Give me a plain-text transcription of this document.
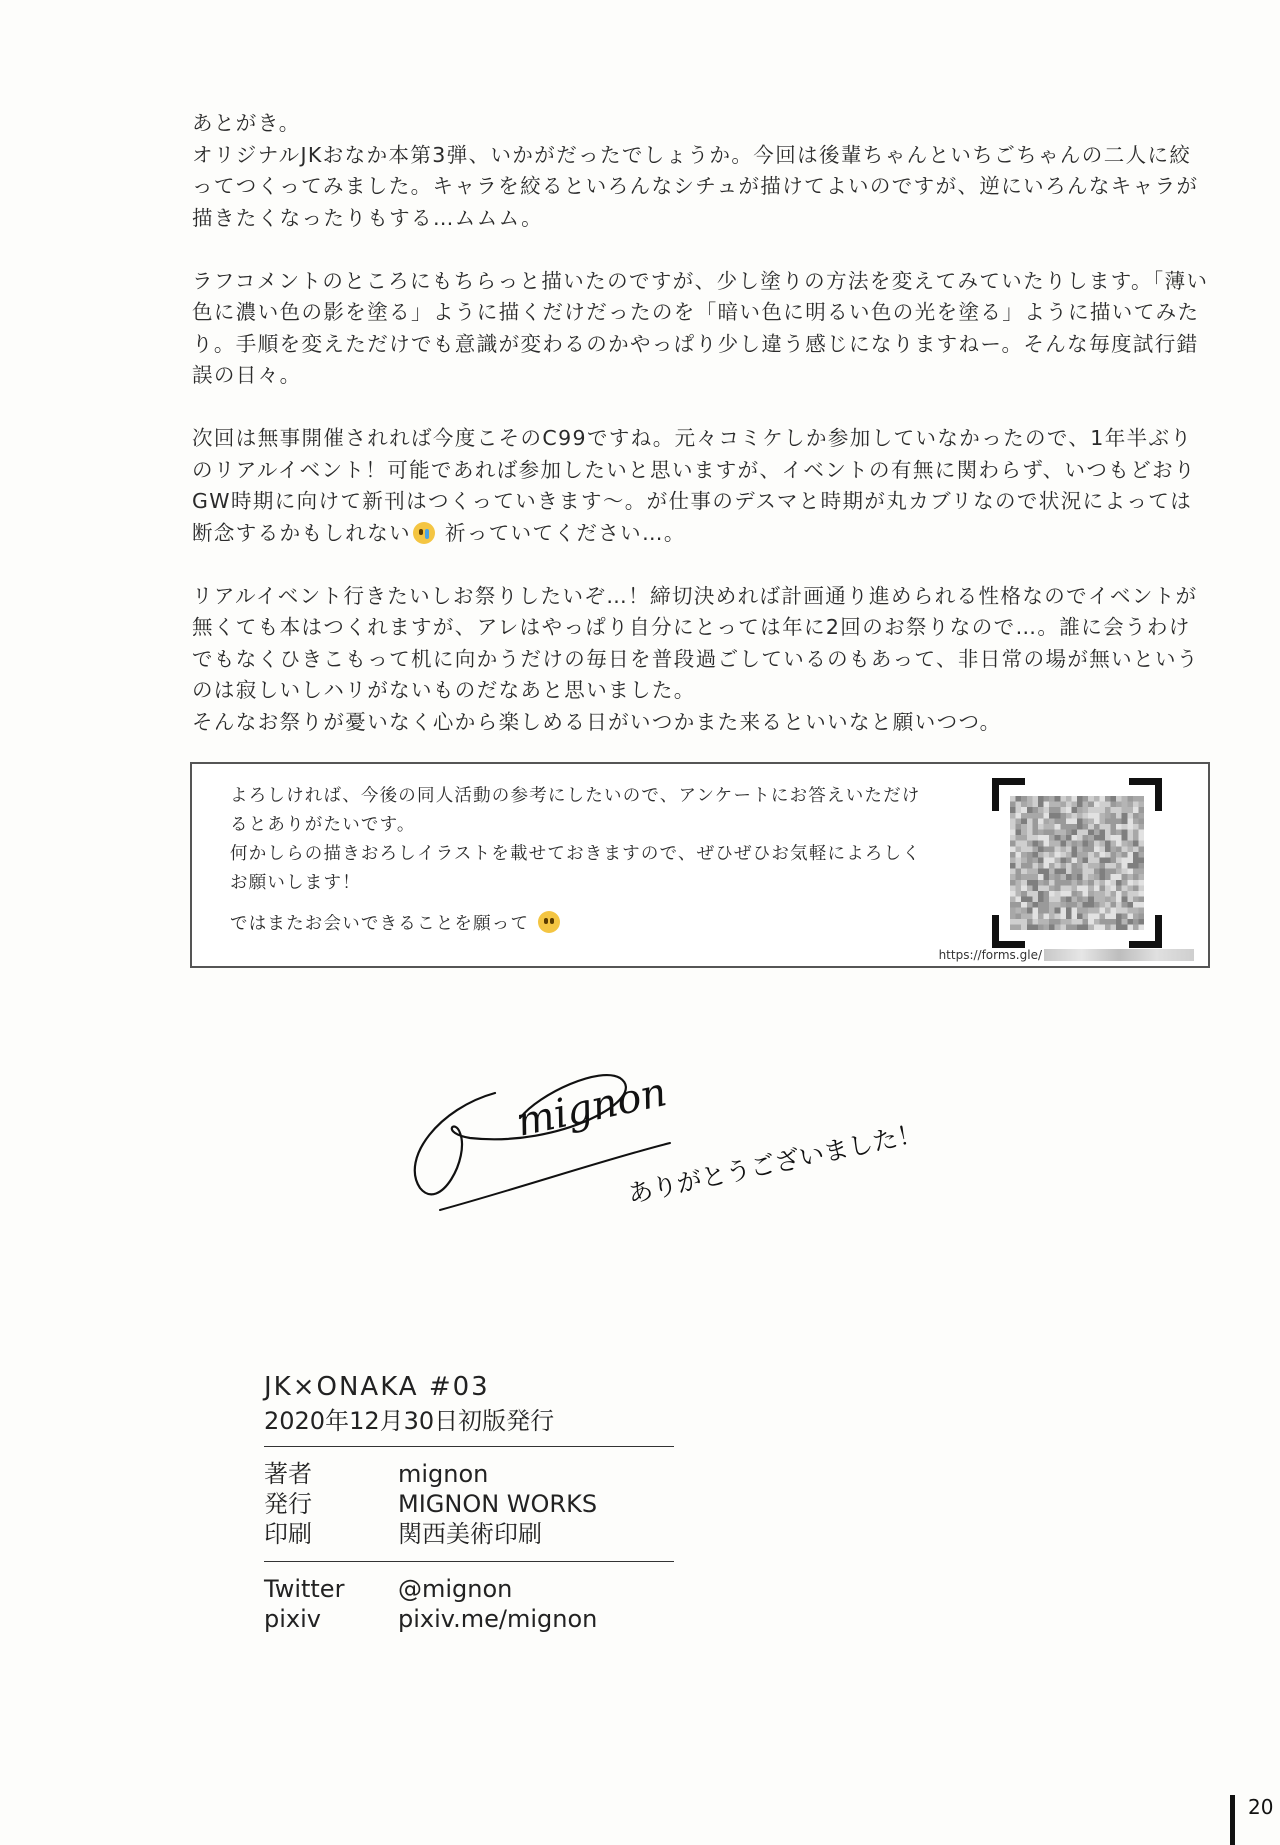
あとがき。
オリジナルJKおなか本第3弾、いかがだったでしょうか。今回は後輩ちゃんといちごちゃんの二人に絞ってつくってみました。キャラを絞るといろんなシチュが描けてよいのですが、逆にいろんなキャラが描きたくなったりもする…ムムム。

ラフコメントのところにもちらっと描いたのですが、少し塗りの方法を変えてみていたりします。「薄い色に濃い色の影を塗る」ように描くだけだったのを「暗い色に明るい色の光を塗る」ように描いてみたり。手順を変えただけでも意識が変わるのかやっぱり少し違う感じになりますねー。そんな毎度試行錯誤の日々。

次回は無事開催されれば今度こそのC99ですね。元々コミケしか参加していなかったので、1年半ぶりのリアルイベント！可能であれば参加したいと思いますが、イベントの有無に関わらず、いつもどおりGW時期に向けて新刊はつくっていきます〜。が仕事のデスマと時期が丸カブリなので状況によっては断念するかもしれない 祈っていてください…。

リアルイベント行きたいしお祭りしたいぞ…！締切決めれば計画通り進められる性格なのでイベントが無くても本はつくれますが、アレはやっぱり自分にとっては年に2回のお祭りなので…。誰に会うわけでもなくひきこもって机に向かうだけの毎日を普段過ごしているのもあって、非日常の場が無いというのは寂しいしハリがないものだなあと思いました。
そんなお祭りが憂いなく心から楽しめる日がいつかまた来るといいなと願いつつ。

よろしければ、今後の同人活動の参考にしたいので、アンケートにお答えいただけるとありがたいです。
何かしらの描きおろしイラストを載せておきますので、ぜひぜひお気軽によろしくお願いします！

ではまたお会いできることを願って

https://forms.gle/
mignon
ありがとうございました！
JK×ONAKA #03
2020年12月30日初版発行
著者	mignon
発行	MIGNON WORKS
印刷	関西美術印刷
Twitter	@mignon
pixiv	pixiv.me/mignon
20
